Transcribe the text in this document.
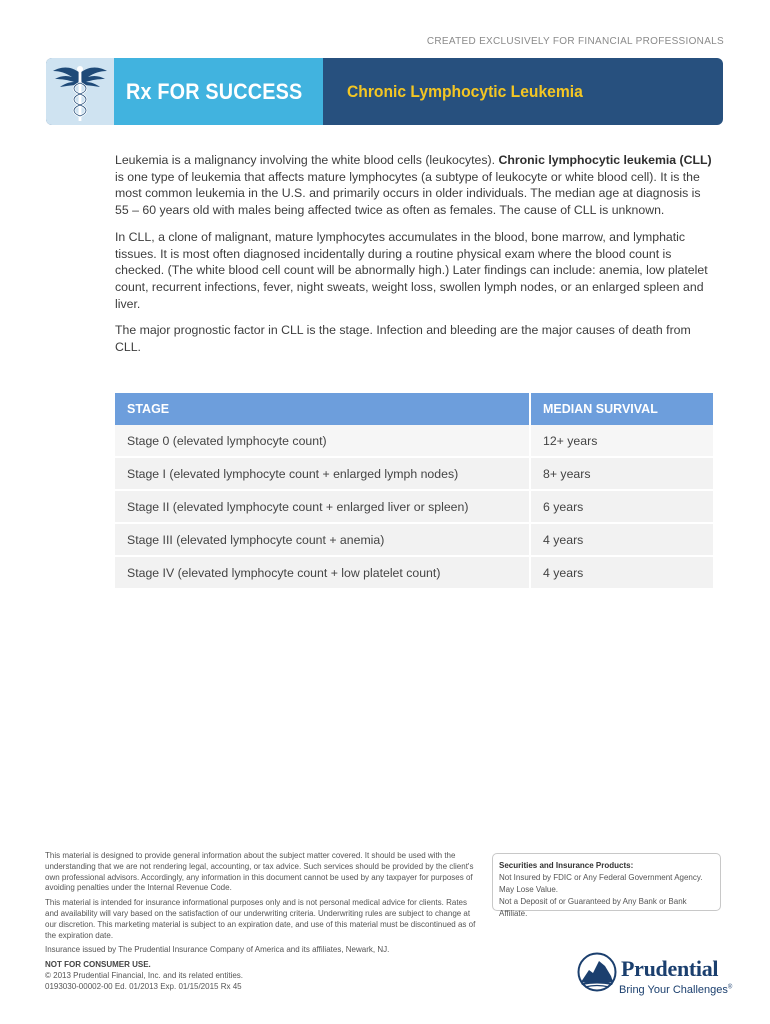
CREATED EXCLUSIVELY FOR FINANCIAL PROFESSIONALS
Rx FOR SUCCESS	Chronic Lymphocytic Leukemia

Leukemia is a malignancy involving the white blood cells (leukocytes). Chronic lymphocytic leukemia (CLL) is one type of leukemia that affects mature lymphocytes (a subtype of leukocyte or white blood cell). It is the most common leukemia in the U.S. and primarily occurs in older individuals. The median age at diagnosis is 55 – 60 years old with males being affected twice as often as females. The cause of CLL is unknown.

In CLL, a clone of malignant, mature lymphocytes accumulates in the blood, bone marrow, and lymphatic tissues. It is most often diagnosed incidentally during a routine physical exam where the blood count is checked. (The white blood cell count will be abnormally high.) Later findings can include: anemia, low platelet count, recurrent infections, fever, night sweats, weight loss, swollen lymph nodes, or an enlarged spleen and liver.

The major prognostic factor in CLL is the stage. Infection and bleeding are the major causes of death from CLL.

STAGE	MEDIAN SURVIVAL
Stage 0 (elevated lymphocyte count)	12+ years
Stage I (elevated lymphocyte count + enlarged lymph nodes)	8+ years
Stage II (elevated lymphocyte count + enlarged liver or spleen)	6 years
Stage III (elevated lymphocyte count + anemia)	4 years
Stage IV (elevated lymphocyte count + low platelet count)	4 years

This material is designed to provide general information about the subject matter covered. It should be used with the understanding that we are not rendering legal, accounting, or tax advice. Such services should be provided by the client's own professional advisors. Accordingly, any information in this document cannot be used by any taxpayer for purposes of avoiding penalties under the Internal Revenue Code.

This material is intended for insurance informational purposes only and is not personal medical advice for clients. Rates and availability will vary based on the satisfaction of our underwriting criteria. Underwriting rules are subject to change at our discretion. This marketing material is subject to an expiration date, and use of this material must be discontinued as of the expiration date.

Insurance issued by The Prudential Insurance Company of America and its affiliates, Newark, NJ.

NOT FOR CONSUMER USE.

© 2013 Prudential Financial, Inc. and its related entities.

0193030-00002-00 Ed. 01/2013 Exp. 01/15/2015 Rx 45

Securities and Insurance Products:
Not Insured by FDIC or Any Federal Government Agency.
May Lose Value.
Not a Deposit of or Guaranteed by Any Bank or Bank Affiliate.
Prudential
Bring Your Challenges®
